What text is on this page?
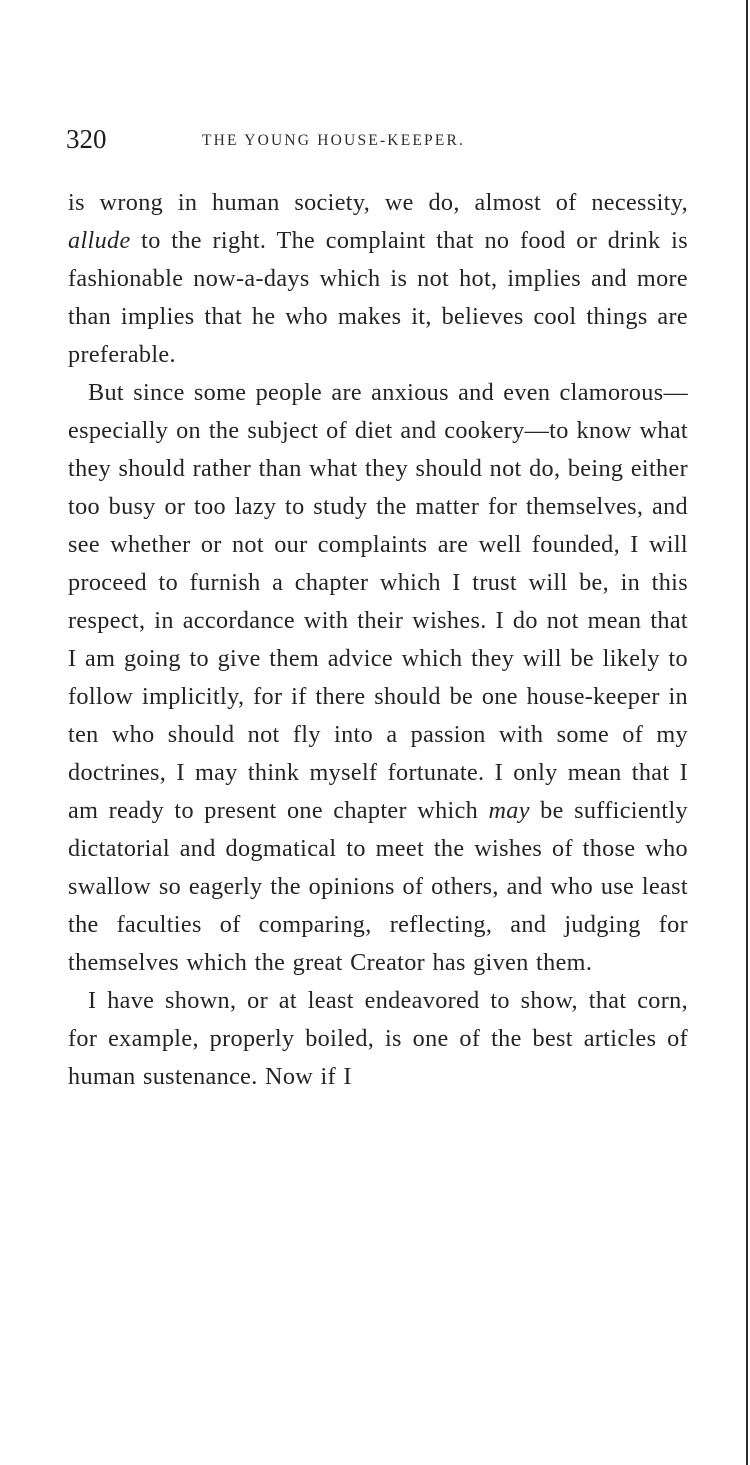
320	THE YOUNG HOUSE-KEEPER.

is wrong in human society, we do, almost of necessity, allude to the right. The complaint that no food or drink is fashionable now-a-days which is not hot, implies and more than implies that he who makes it, believes cool things are preferable.

But since some people are anxious and even clamorous—especially on the subject of diet and cookery—to know what they should rather than what they should not do, being either too busy or too lazy to study the matter for themselves, and see whether or not our complaints are well founded, I will proceed to furnish a chapter which I trust will be, in this respect, in accordance with their wishes. I do not mean that I am going to give them advice which they will be likely to follow implicitly, for if there should be one house-keeper in ten who should not fly into a passion with some of my doctrines, I may think myself fortunate. I only mean that I am ready to present one chapter which may be sufficiently dictatorial and dogmatical to meet the wishes of those who swallow so eagerly the opinions of others, and who use least the faculties of comparing, reflecting, and judging for themselves which the great Creator has given them.

I have shown, or at least endeavored to show, that corn, for example, properly boiled, is one of the best articles of human sustenance. Now if I
